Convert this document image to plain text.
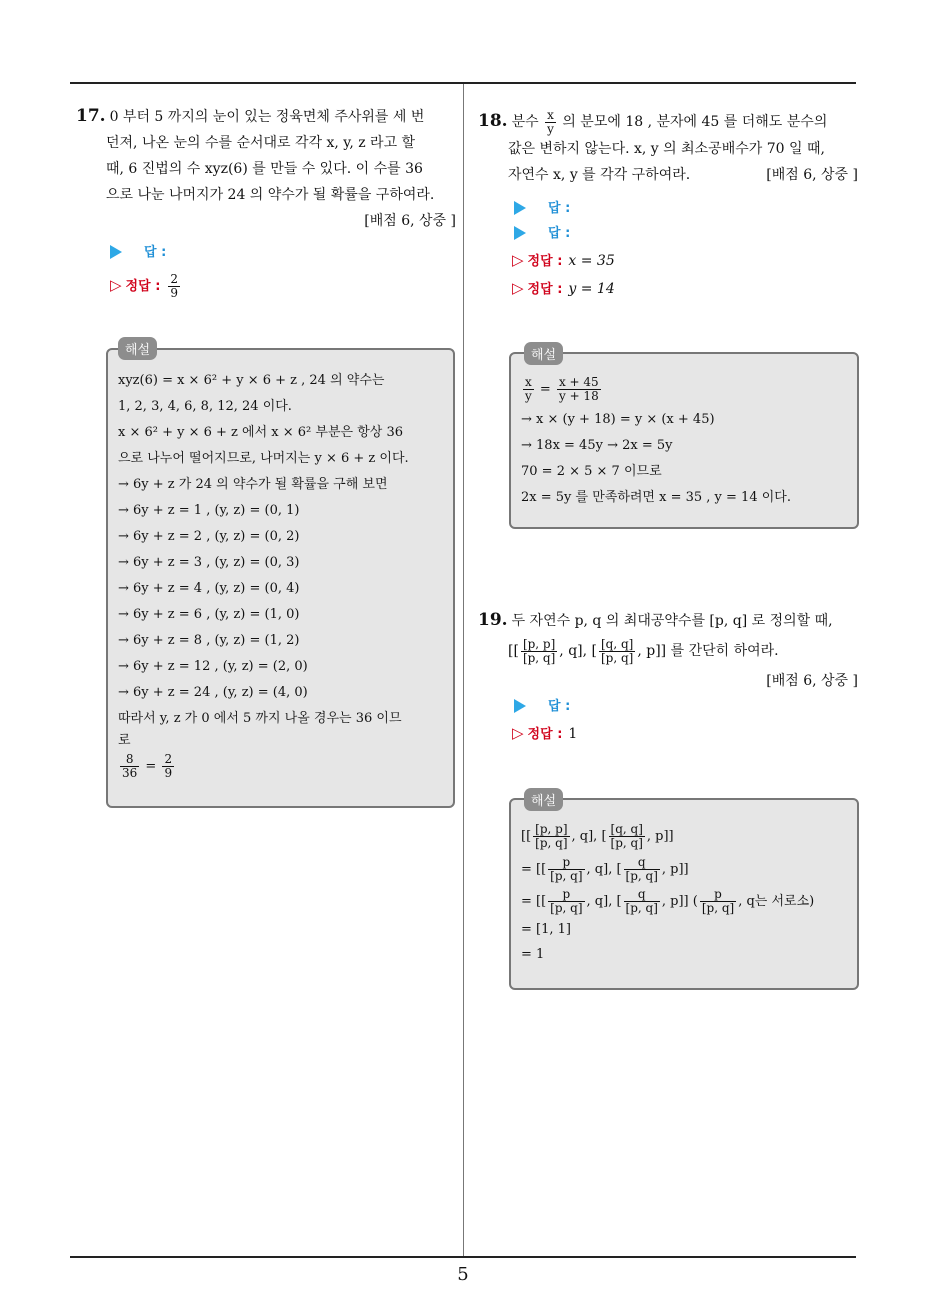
5
17. 0 부터 5 까지의 눈이 있는 정육면체 주사위를 세 번
던져, 나온 눈의 수를 순서대로 각각 x, y, z 라고 할
때, 6 진법의 수 xyz(6) 를 만들 수 있다. 이 수를 36
으로 나눈 나머지가 24 의 약수가 될 확률을 구하여라.
[배점 6, 상중 ]
답 :
▷ 정답 : $\frac{2}{9}$
해설
xyz(6) = x × 6² + y × 6 + z , 24 의 약수는
1, 2, 3, 4, 6, 8, 12, 24 이다.
x × 6² + y × 6 + z 에서 x × 6² 부분은 항상 36
으로 나누어 떨어지므로, 나머지는 y × 6 + z 이다.
→ 6y + z 가 24 의 약수가 될 확률을 구해 보면
→ 6y + z = 1 , (y, z) = (0, 1)
→ 6y + z = 2 , (y, z) = (0, 2)
→ 6y + z = 3 , (y, z) = (0, 3)
→ 6y + z = 4 , (y, z) = (0, 4)
→ 6y + z = 6 , (y, z) = (1, 0)
→ 6y + z = 8 , (y, z) = (1, 2)
→ 6y + z = 12 , (y, z) = (2, 0)
→ 6y + z = 24 , (y, z) = (4, 0)
따라서 y, z 가 0 에서 5 까지 나올 경우는 36 이므
로
$\frac{8}{36} = \frac{2}{9}$
18. 분수 $\frac{x}{y}$ 의 분모에 18 , 분자에 45 를 더해도 분수의
값은 변하지 않는다. x, y 의 최소공배수가 70 일 때,
자연수 x, y 를 각각 구하여라.	[배점 6, 상중 ]
답 :
답 :
▷ 정답 : x = 35
▷ 정답 : y = 14
해설
$\frac{x}{y} = \frac{x + 45}{y + 18}$
→ x × (y + 18) = y × (x + 45)
→ 18x = 45y → 2x = 5y
70 = 2 × 5 × 7 이므로
2x = 5y 를 만족하려면 x = 35 , y = 14 이다.
19. 두 자연수 p, q 의 최대공약수를 [p, q] 로 정의할 때,
[[ $\frac{[p, p]}{[p, q]}$ , q], [ $\frac{[q, q]}{[p, q]}$ , p]] 를 간단히 하여라.
[배점 6, 상중 ]
답 :
▷ 정답 : 1
해설
[[ $\frac{[p, p]}{[p, q]}$ , q], [ $\frac{[q, q]}{[p, q]}$ , p]]
= [[ $\frac{p}{[p, q]}$ , q], [ $\frac{q}{[p, q]}$ , p]]
= [[ $\frac{p}{[p, q]}$ , q], [ $\frac{q}{[p, q]}$ , p]] ( $\frac{p}{[p, q]}$ , q는 서로소)
= [1, 1]
= 1
